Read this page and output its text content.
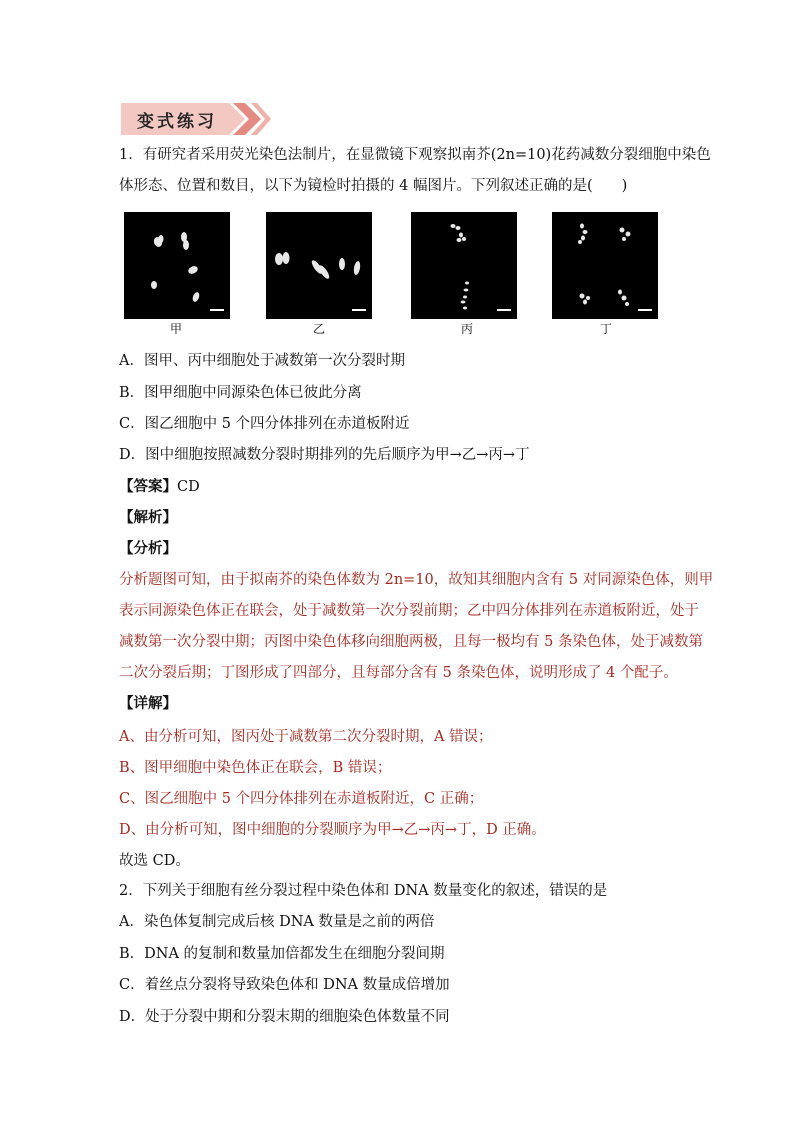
变式练习
1．有研究者采用荧光染色法制片，在显微镜下观察拟南芥(2n=10)花药减数分裂细胞中染色
体形态、位置和数目，以下为镜检时拍摄的 4 幅图片。下列叙述正确的是(　　)
甲	乙	丙	丁
A．图甲、丙中细胞处于减数第一次分裂时期
B．图甲细胞中同源染色体已彼此分离
C．图乙细胞中 5 个四分体排列在赤道板附近
D．图中细胞按照减数分裂时期排列的先后顺序为甲→乙→丙→丁
【答案】CD
【解析】
【分析】
分析题图可知，由于拟南芥的染色体数为 2n=10，故知其细胞内含有 5 对同源染色体，则甲
表示同源染色体正在联会，处于减数第一次分裂前期；乙中四分体排列在赤道板附近，处于
减数第一次分裂中期；丙图中染色体移向细胞两极，且每一极均有 5 条染色体，处于减数第
二次分裂后期；丁图形成了四部分，且每部分含有 5 条染色体，说明形成了 4 个配子。
【详解】
A、由分析可知，图丙处于减数第二次分裂时期，A 错误；
B、图甲细胞中染色体正在联会，B 错误；
C、图乙细胞中 5 个四分体排列在赤道板附近，C 正确；
D、由分析可知，图中细胞的分裂顺序为甲→乙→丙→丁，D 正确。
故选 CD。
2．下列关于细胞有丝分裂过程中染色体和 DNA 数量变化的叙述，错误的是
A．染色体复制完成后核 DNA 数量是之前的两倍
B．DNA 的复制和数量加倍都发生在细胞分裂间期
C．着丝点分裂将导致染色体和 DNA 数量成倍增加
D．处于分裂中期和分裂末期的细胞染色体数量不同
